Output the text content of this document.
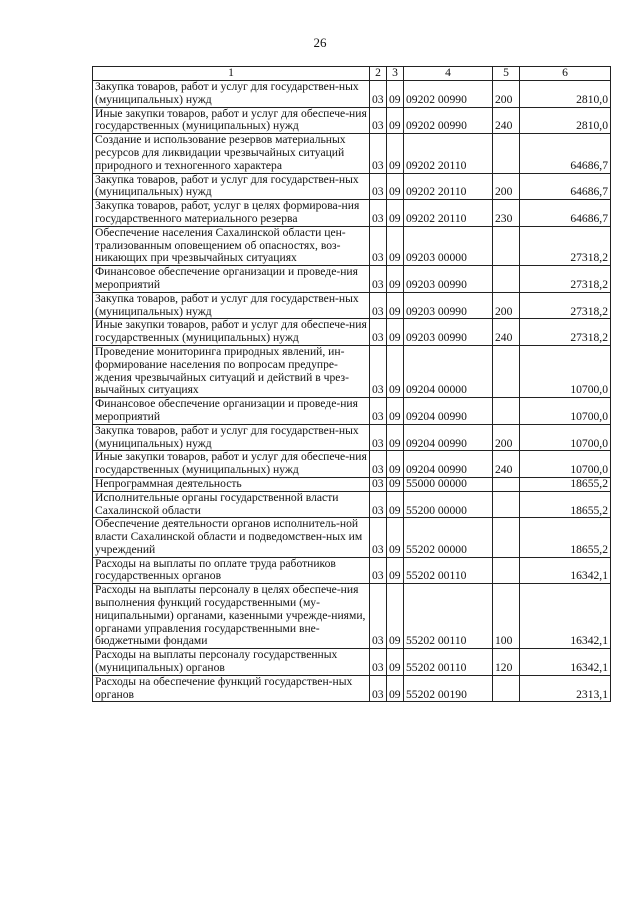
26
1	2	3	4	5	6
Закупка товаров, работ и услуг для государствен-ных (муниципальных) нужд	03	09	09202 00990	200	2810,0
Иные закупки товаров, работ и услуг для обеспече-ния государственных (муниципальных) нужд	03	09	09202 00990	240	2810,0
Создание и использование резервов материальных ресурсов для ликвидации чрезвычайных ситуаций природного и техногенного характера	03	09	09202 20110		64686,7
Закупка товаров, работ и услуг для государствен-ных (муниципальных) нужд	03	09	09202 20110	200	64686,7
Закупка товаров, работ, услуг в целях формирова-ния государственного материального резерва	03	09	09202 20110	230	64686,7
Обеспечение населения Сахалинской области цен-трализованным оповещением об опасностях, воз-никающих при чрезвычайных ситуациях	03	09	09203 00000		27318,2
Финансовое обеспечение организации и проведе-ния мероприятий	03	09	09203 00990		27318,2
Закупка товаров, работ и услуг для государствен-ных (муниципальных) нужд	03	09	09203 00990	200	27318,2
Иные закупки товаров, работ и услуг для обеспече-ния государственных (муниципальных) нужд	03	09	09203 00990	240	27318,2
Проведение мониторинга природных явлений, ин-формирование населения по вопросам предупре-ждения чрезвычайных ситуаций и действий в чрез-вычайных ситуациях	03	09	09204 00000		10700,0
Финансовое обеспечение организации и проведе-ния мероприятий	03	09	09204 00990		10700,0
Закупка товаров, работ и услуг для государствен-ных (муниципальных) нужд	03	09	09204 00990	200	10700,0
Иные закупки товаров, работ и услуг для обеспече-ния государственных (муниципальных) нужд	03	09	09204 00990	240	10700,0
Непрограммная деятельность	03	09	55000 00000		18655,2
Исполнительные органы государственной власти Сахалинской области	03	09	55200 00000		18655,2
Обеспечение деятельности органов исполнитель-ной власти Сахалинской области и подведомствен-ных им учреждений	03	09	55202 00000		18655,2
Расходы на выплаты по оплате труда работников государственных органов	03	09	55202 00110		16342,1
Расходы на выплаты персоналу в целях обеспече-ния выполнения функций государственными (му-ниципальными) органами, казенными учрежде-ниями, органами управления государственными вне-бюджетными фондами	03	09	55202 00110	100	16342,1
Расходы на выплаты персоналу государственных (муниципальных) органов	03	09	55202 00110	120	16342,1
Расходы на обеспечение функций государствен-ных органов	03	09	55202 00190		2313,1
